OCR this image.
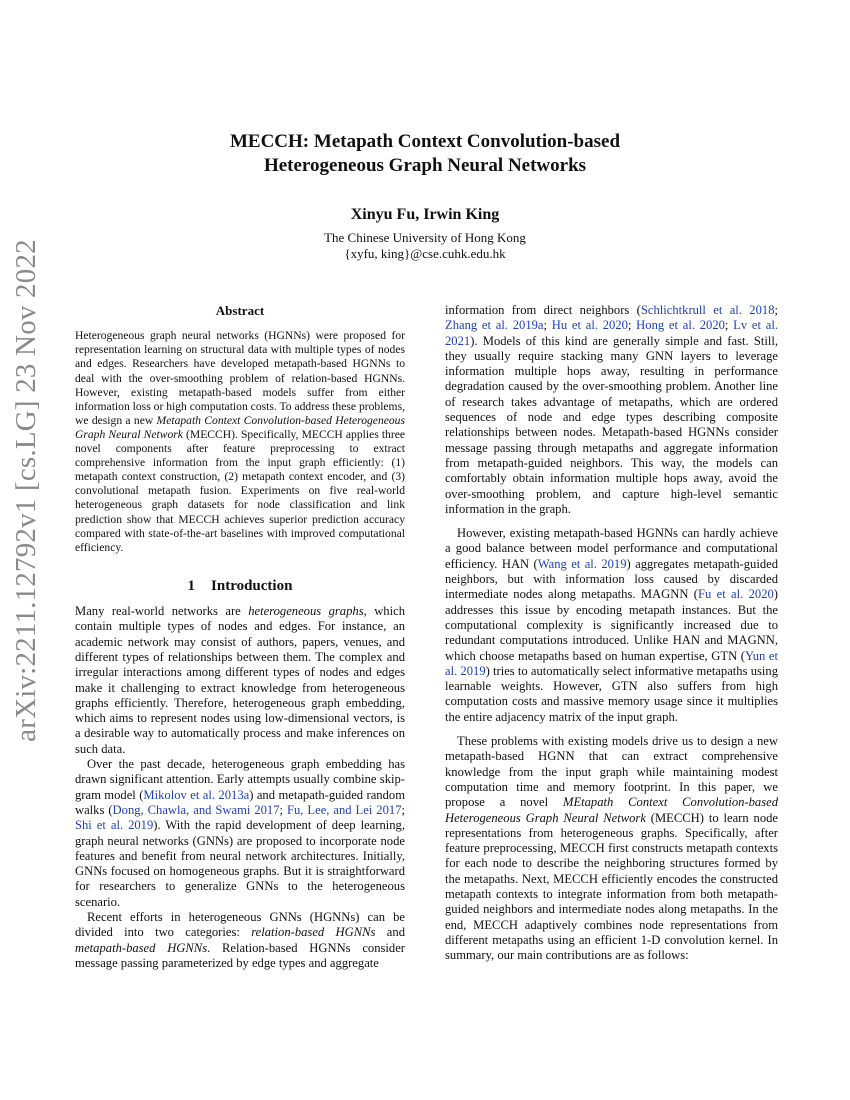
arXiv:2211.12792v1 [cs.LG] 23 Nov 2022
MECCH: Metapath Context Convolution-based
Heterogeneous Graph Neural Networks
Xinyu Fu, Irwin King
The Chinese University of Hong Kong
{xyfu, king}@cse.cuhk.edu.hk
Abstract

Heterogeneous graph neural networks (HGNNs) were proposed for representation learning on structural data with multiple types of nodes and edges. Researchers have developed metapath-based HGNNs to deal with the over-smoothing problem of relation-based HGNNs. However, existing metapath-based models suffer from either information loss or high computation costs. To address these problems, we design a new Metapath Context Convolution-based Heterogeneous Graph Neural Network (MECCH). Specifically, MECCH applies three novel components after feature preprocessing to extract comprehensive information from the input graph efficiently: (1) metapath context construction, (2) metapath context encoder, and (3) convolutional metapath fusion. Experiments on five real-world heterogeneous graph datasets for node classification and link prediction show that MECCH achieves superior prediction accuracy compared with state-of-the-art baselines with improved computational efficiency.

1 Introduction

Many real-world networks are heterogeneous graphs, which contain multiple types of nodes and edges. For instance, an academic network may consist of authors, papers, venues, and different types of relationships between them. The complex and irregular interactions among different types of nodes and edges make it challenging to extract knowledge from heterogeneous graphs efficiently. Therefore, heterogeneous graph embedding, which aims to represent nodes using low-dimensional vectors, is a desirable way to automatically process and make inferences on such data.

Over the past decade, heterogeneous graph embedding has drawn significant attention. Early attempts usually combine skip-gram model (Mikolov et al. 2013a) and metapath-guided random walks (Dong, Chawla, and Swami 2017; Fu, Lee, and Lei 2017; Shi et al. 2019). With the rapid development of deep learning, graph neural networks (GNNs) are proposed to incorporate node features and benefit from neural network architectures. Initially, GNNs focused on homogeneous graphs. But it is straightforward for researchers to generalize GNNs to the heterogeneous scenario.

Recent efforts in heterogeneous GNNs (HGNNs) can be divided into two categories: relation-based HGNNs and metapath-based HGNNs. Relation-based HGNNs consider message passing parameterized by edge types and aggregate

information from direct neighbors (Schlichtkrull et al. 2018; Zhang et al. 2019a; Hu et al. 2020; Hong et al. 2020; Lv et al. 2021). Models of this kind are generally simple and fast. Still, they usually require stacking many GNN layers to leverage information multiple hops away, resulting in performance degradation caused by the over-smoothing problem. Another line of research takes advantage of metapaths, which are ordered sequences of node and edge types describing composite relationships between nodes. Metapath-based HGNNs consider message passing through metapaths and aggregate information from metapath-guided neighbors. This way, the models can comfortably obtain information multiple hops away, avoid the over-smoothing problem, and capture high-level semantic information in the graph.

However, existing metapath-based HGNNs can hardly achieve a good balance between model performance and computational efficiency. HAN (Wang et al. 2019) aggregates metapath-guided neighbors, but with information loss caused by discarded intermediate nodes along metapaths. MAGNN (Fu et al. 2020) addresses this issue by encoding metapath instances. But the computational complexity is significantly increased due to redundant computations introduced. Unlike HAN and MAGNN, which choose metapaths based on human expertise, GTN (Yun et al. 2019) tries to automatically select informative metapaths using learnable weights. However, GTN also suffers from high computation costs and massive memory usage since it multiplies the entire adjacency matrix of the input graph.

These problems with existing models drive us to design a new metapath-based HGNN that can extract comprehensive knowledge from the input graph while maintaining modest computation time and memory footprint. In this paper, we propose a novel MEtapath Context Convolution-based Heterogeneous Graph Neural Network (MECCH) to learn node representations from heterogeneous graphs. Specifically, after feature preprocessing, MECCH first constructs metapath contexts for each node to describe the neighboring structures formed by the metapaths. Next, MECCH efficiently encodes the constructed metapath contexts to integrate information from both metapath-guided neighbors and intermediate nodes along metapaths. In the end, MECCH adaptively combines node representations from different metapaths using an efficient 1-D convolution kernel. In summary, our main contributions are as follows:
